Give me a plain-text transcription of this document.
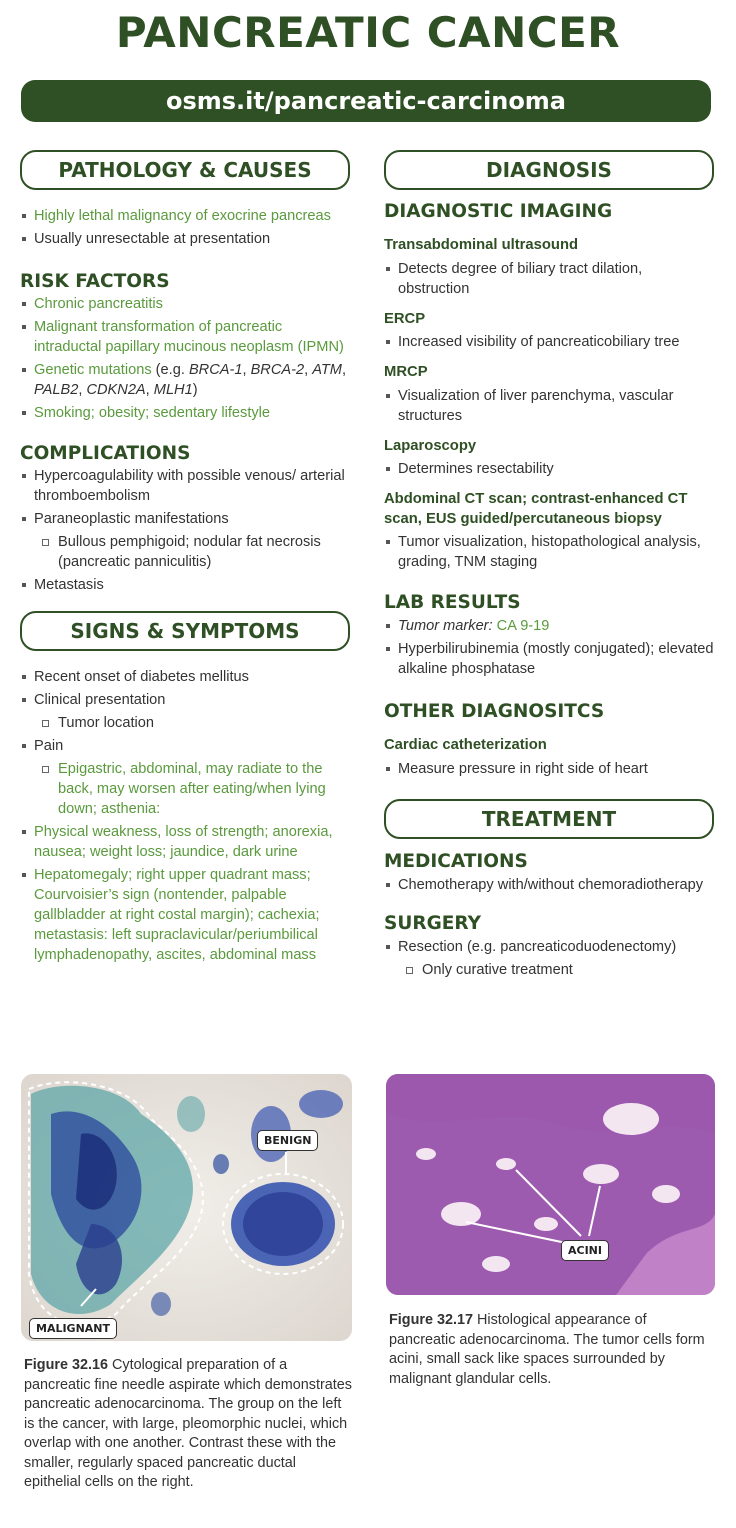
PANCREATIC CANCER
osms.it/pancreatic-carcinoma
PATHOLOGY & CAUSES
Highly lethal malignancy of exocrine pancreas
Usually unresectable at presentation
RISK FACTORS
Chronic pancreatitis
Malignant transformation of pancreatic intraductal papillary mucinous neoplasm (IPMN)
Genetic mutations (e.g. BRCA-1, BRCA-2, ATM, PALB2, CDKN2A, MLH1)
Smoking; obesity; sedentary lifestyle
COMPLICATIONS
Hypercoagulability with possible venous/ arterial thromboembolism
Paraneoplastic manifestations
Bullous pemphigoid; nodular fat necrosis (pancreatic panniculitis)
Metastasis
SIGNS & SYMPTOMS
Recent onset of diabetes mellitus
Clinical presentation
Tumor location
Pain
Epigastric, abdominal, may radiate to the back, may worsen after eating/when lying down; asthenia:
Physical weakness, loss of strength; anorexia, nausea; weight loss; jaundice, dark urine
Hepatomegaly; right upper quadrant mass; Courvoisier’s sign (nontender, palpable gallbladder at right costal margin); cachexia; metastasis: left supraclavicular/periumbilical lymphadenopathy, ascites, abdominal mass
DIAGNOSIS
DIAGNOSTIC IMAGING
Transabdominal ultrasound
Detects degree of biliary tract dilation, obstruction
ERCP
Increased visibility of pancreaticobiliary tree
MRCP
Visualization of liver parenchyma, vascular structures
Laparoscopy
Determines resectability
Abdominal CT scan; contrast-enhanced CT scan, EUS guided/percutaneous biopsy
Tumor visualization, histopathological analysis, grading, TNM staging
LAB RESULTS
Tumor marker: CA 9-19
Hyperbilirubinemia (mostly conjugated); elevated alkaline phosphatase
OTHER DIAGNOSITCS
Cardiac catheterization
Measure pressure in right side of heart
TREATMENT
MEDICATIONS
Chemotherapy with/without chemoradiotherapy
SURGERY
Resection (e.g. pancreaticoduodenectomy)
Only curative treatment
BENIGN
MALIGNANT
Figure 32.16 Cytological preparation of a pancreatic fine needle aspirate which demonstrates pancreatic adenocarcinoma. The group on the left is the cancer, with large, pleomorphic nuclei, which overlap with one another. Contrast these with the smaller, regularly spaced pancreatic ductal epithelial cells on the right.
ACINI
Figure 32.17 Histological appearance of pancreatic adenocarcinoma. The tumor cells form acini, small sack like spaces surrounded by malignant glandular cells.
